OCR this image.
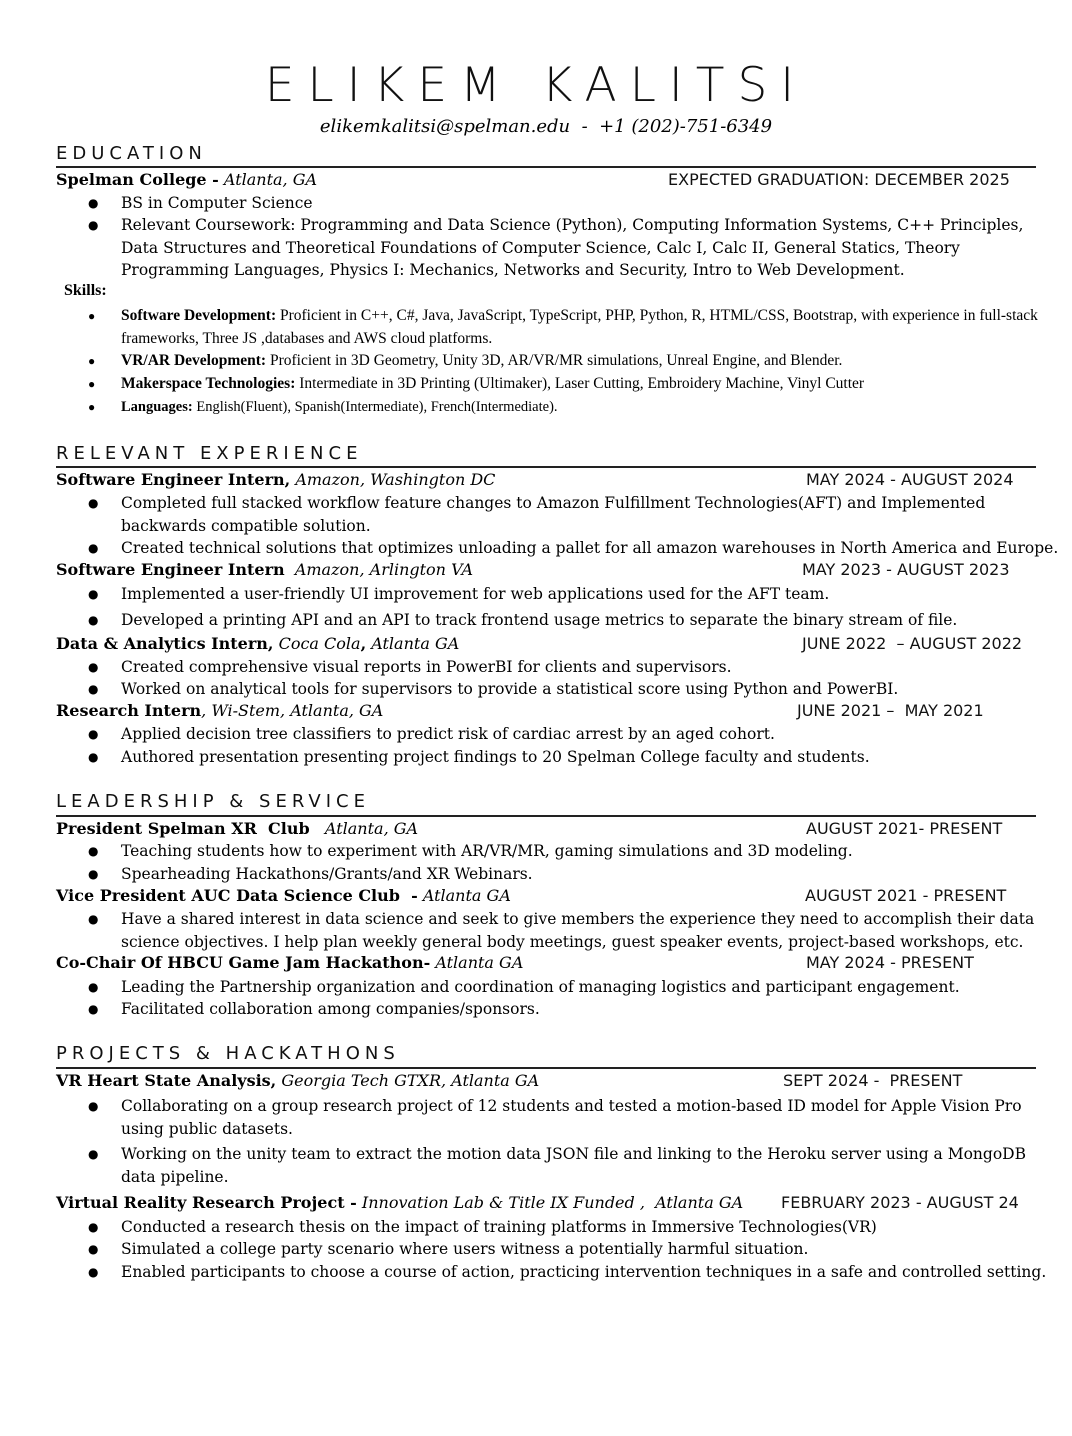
ELIKEM KALITSI
elikemkalitsi@spelman.edu  -  +1 (202)-751-6349
EDUCATION
Spelman College - Atlanta, GA	EXPECTED GRADUATION: DECEMBER 2025
● BS in Computer Science
● Relevant Coursework: Programming and Data Science (Python), Computing Information Systems, C++ Principles, Data Structures and Theoretical Foundations of Computer Science, Calc I, Calc II, General Statics, Theory Programming Languages, Physics I: Mechanics, Networks and Security, Intro to Web Development.
Skills:
● Software Development: Proficient in C++, C#, Java, JavaScript, TypeScript, PHP, Python, R, HTML/CSS, Bootstrap, with experience in full-stack frameworks, Three JS ,databases and AWS cloud platforms.
● VR/AR Development: Proficient in 3D Geometry, Unity 3D, AR/VR/MR simulations, Unreal Engine, and Blender.
● Makerspace Technologies: Intermediate in 3D Printing (Ultimaker), Laser Cutting, Embroidery Machine, Vinyl Cutter
● Languages: English(Fluent), Spanish(Intermediate), French(Intermediate).
RELEVANT EXPERIENCE
Software Engineer Intern, Amazon, Washington DC	MAY 2024 - AUGUST 2024
● Completed full stacked workflow feature changes to Amazon Fulfillment Technologies(AFT) and Implemented backwards compatible solution.
● Created technical solutions that optimizes unloading a pallet for all amazon warehouses in North America and Europe.
Software Engineer Intern  Amazon, Arlington VA	MAY 2023 - AUGUST 2023
● Implemented a user-friendly UI improvement for web applications used for the AFT team.
● Developed a printing API and an API to track frontend usage metrics to separate the binary stream of file.
Data & Analytics Intern, Coca Cola, Atlanta GA	JUNE 2022  – AUGUST 2022
● Created comprehensive visual reports in PowerBI for clients and supervisors.
● Worked on analytical tools for supervisors to provide a statistical score using Python and PowerBI.
Research Intern, Wi-Stem, Atlanta, GA	JUNE 2021 –  MAY 2021
● Applied decision tree classifiers to predict risk of cardiac arrest by an aged cohort.
● Authored presentation presenting project findings to 20 Spelman College faculty and students.
LEADERSHIP & SERVICE
President Spelman XR  Club   Atlanta, GA	AUGUST 2021- PRESENT
● Teaching students how to experiment with AR/VR/MR, gaming simulations and 3D modeling.
● Spearheading Hackathons/Grants/and XR Webinars.
Vice President AUC Data Science Club  - Atlanta GA	AUGUST 2021 - PRESENT
● Have a shared interest in data science and seek to give members the experience they need to accomplish their data science objectives. I help plan weekly general body meetings, guest speaker events, project-based workshops, etc.
Co-Chair Of HBCU Game Jam Hackathon- Atlanta GA	MAY 2024 - PRESENT
● Leading the Partnership organization and coordination of managing logistics and participant engagement.
● Facilitated collaboration among companies/sponsors.
PROJECTS & HACKATHONS
VR Heart State Analysis, Georgia Tech GTXR, Atlanta GA	SEPT 2024 -  PRESENT
● Collaborating on a group research project of 12 students and tested a motion-based ID model for Apple Vision Pro using public datasets.
● Working on the unity team to extract the motion data JSON file and linking to the Heroku server using a MongoDB data pipeline.
Virtual Reality Research Project - Innovation Lab & Title IX Funded ,  Atlanta GA FEBRUARY 2023 - AUGUST 24
● Conducted a research thesis on the impact of training platforms in Immersive Technologies(VR)
● Simulated a college party scenario where users witness a potentially harmful situation.
● Enabled participants to choose a course of action, practicing intervention techniques in a safe and controlled setting.
